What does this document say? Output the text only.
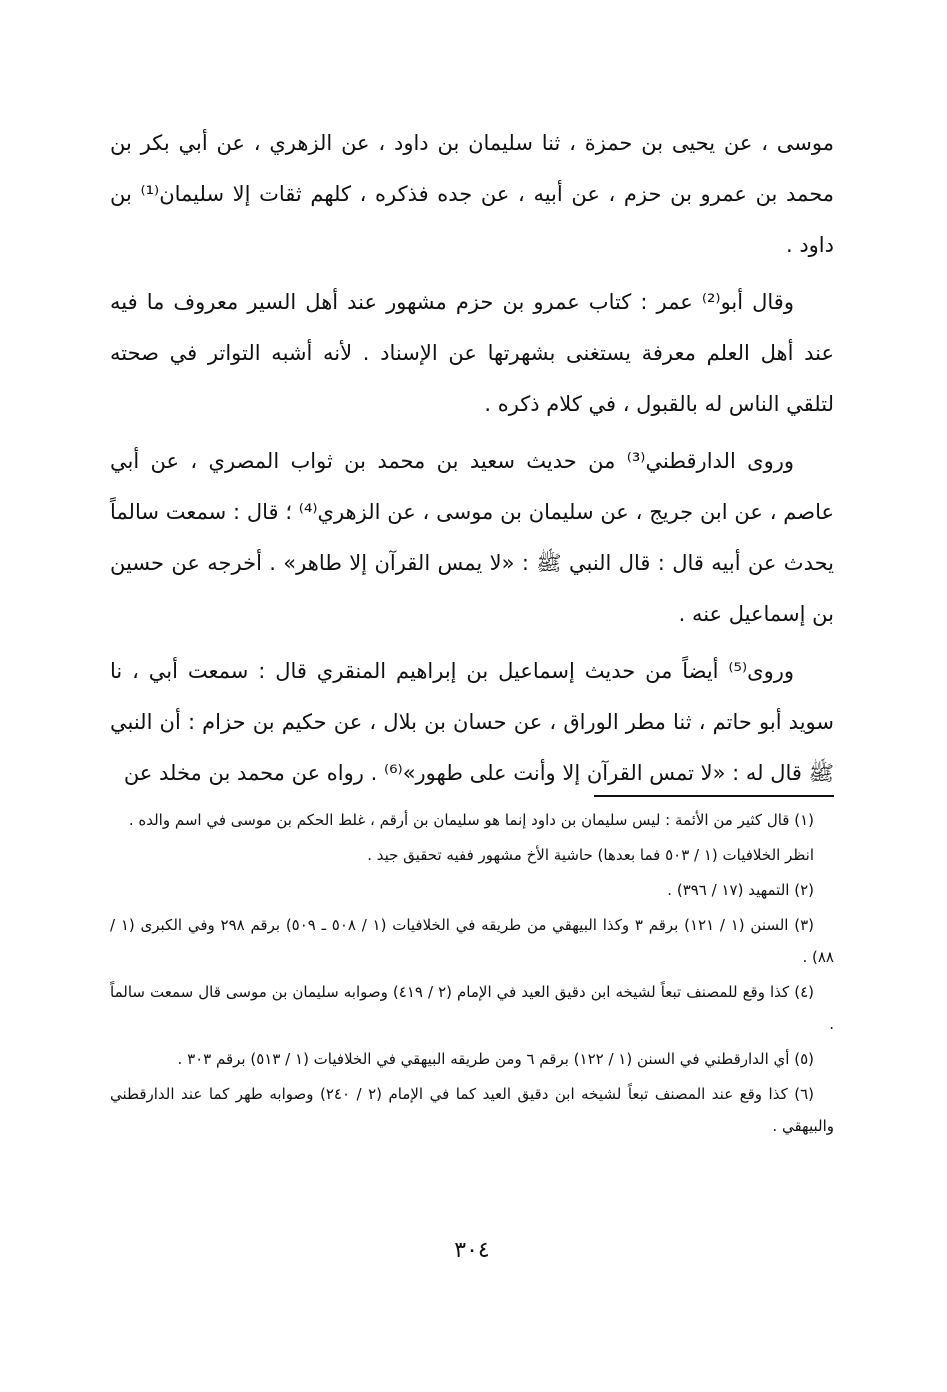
موسى ، عن يحيى بن حمزة ، ثنا سليمان بن داود ، عن الزهري ، عن أبي بكر بن محمد بن عمرو بن حزم ، عن أبيه ، عن جده فذكره ، كلهم ثقات إلا سليمان⁽¹⁾ بن داود .

وقال أبو⁽²⁾ عمر : كتاب عمرو بن حزم مشهور عند أهل السير معروف ما فيه عند أهل العلم معرفة يستغنى بشهرتها عن الإسناد . لأنه أشبه التواتر في صحته لتلقي الناس له بالقبول ، في كلام ذكره .

وروى الدارقطني⁽³⁾ من حديث سعيد بن محمد بن ثواب المصري ، عن أبي عاصم ، عن ابن جريج ، عن سليمان بن موسى ، عن الزهري⁽⁴⁾ ؛ قال : سمعت سالماً يحدث عن أبيه قال : قال النبي ﷺ : «لا يمس القرآن إلا طاهر» . أخرجه عن حسين بن إسماعيل عنه .

وروى⁽⁵⁾ أيضاً من حديث إسماعيل بن إبراهيم المنقري قال : سمعت أبي ، نا سويد أبو حاتم ، ثنا مطر الوراق ، عن حسان بن بلال ، عن حكيم بن حزام : أن النبي ﷺ قال له : «لا تمس القرآن إلا وأنت على طهور»⁽⁶⁾ . رواه عن محمد بن مخلد عن

(١) قال كثير من الأئمة : ليس سليمان بن داود إنما هو سليمان بن أرقم ، غلط الحكم بن موسى في اسم والده .

انظر الخلافيات (١ / ٥٠٣ فما بعدها) حاشية الأخ مشهور ففيه تحقيق جيد .

(٢) التمهيد (١٧ / ٣٩٦) .

(٣) السنن (١ / ١٢١) برقم ٣ وكذا البيهقي من طريقه في الخلافيات (١ / ٥٠٨ ـ ٥٠٩) برقم ٢٩٨ وفي الكبرى (١ / ٨٨) .

(٤) كذا وقع للمصنف تبعاً لشيخه ابن دقيق العيد في الإمام (٢ / ٤١٩) وصوابه سليمان بن موسى قال سمعت سالماً .

(٥) أي الدارقطني في السنن (١ / ١٢٢) برقم ٦ ومن طريقه البيهقي في الخلافيات (١ / ٥١٣) برقم ٣٠٣ .

(٦) كذا وقع عند المصنف تبعاً لشيخه ابن دقيق العيد كما في الإمام (٢ / ٢٤٠) وصوابه طهر كما عند الدارقطني والبيهقي .

٣٠٤
